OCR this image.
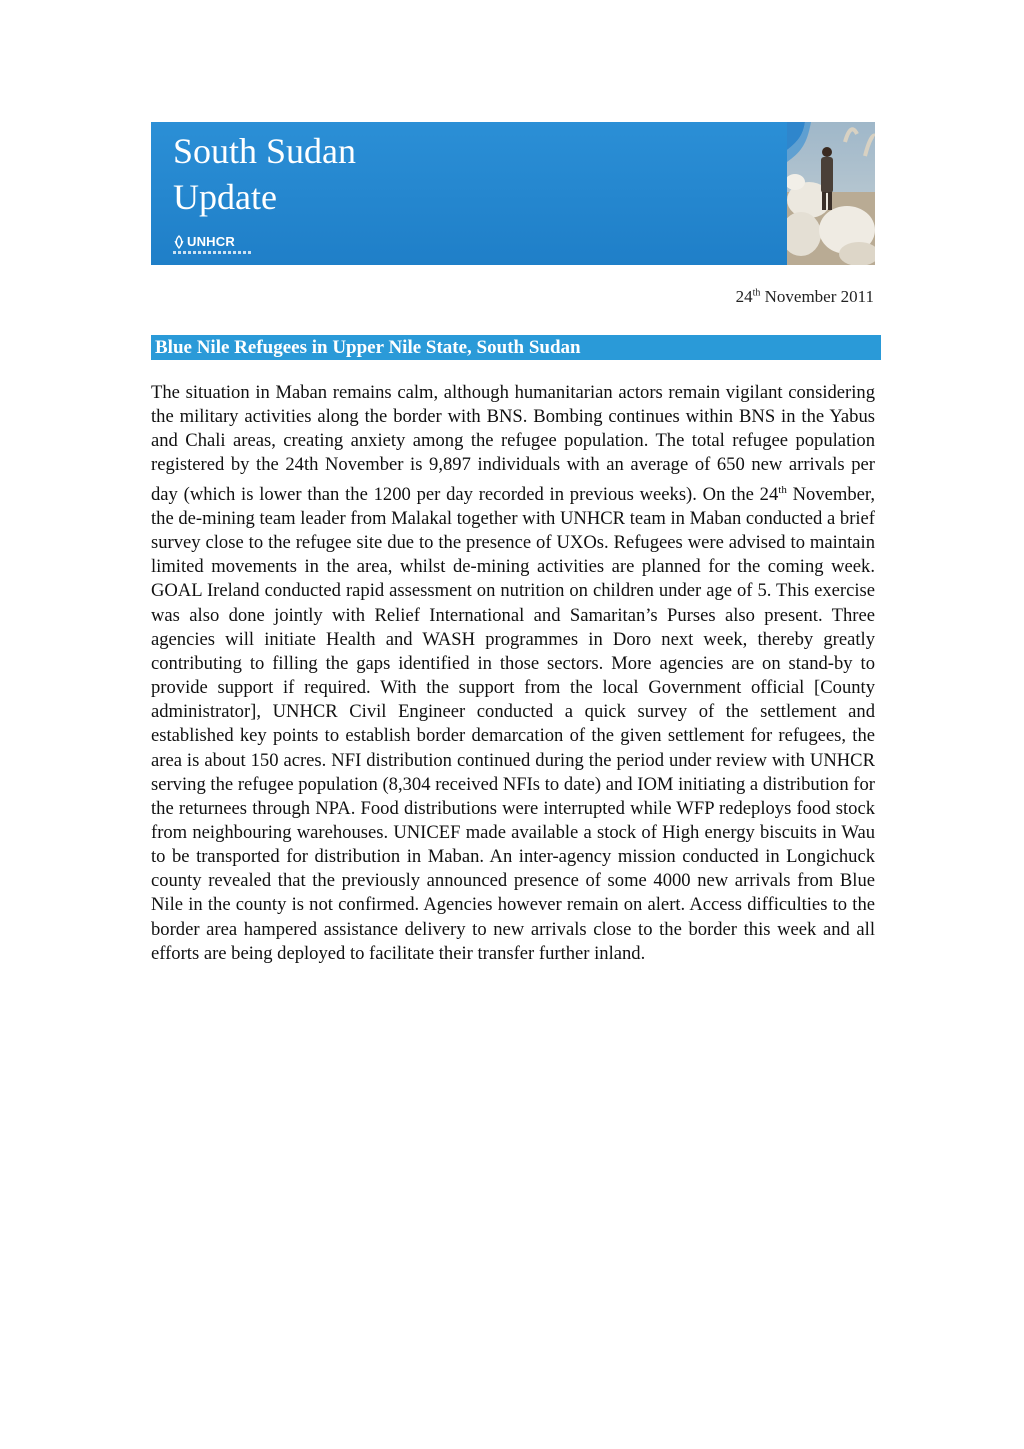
South Sudan
Update
UNHCR
24th November 2011
Blue Nile Refugees in Upper Nile State, South Sudan

The situation in Maban remains calm, although humanitarian actors remain vigilant considering the military activities along the border with BNS. Bombing continues within BNS in the Yabus and Chali areas, creating anxiety among the refugee population. The total refugee population registered by the 24th November is 9,897 individuals with an average of 650 new arrivals per day (which is lower than the 1200 per day recorded in previous weeks). On the 24th November, the de-mining team leader from Malakal together with UNHCR team in Maban conducted a brief survey close to the refugee site due to the presence of UXOs. Refugees were advised to maintain limited movements in the area, whilst de-mining activities are planned for the coming week. GOAL Ireland conducted rapid assessment on nutrition on children under age of 5. This exercise was also done jointly with Relief International and Samaritan’s Purses also present. Three agencies will initiate Health and WASH programmes in Doro next week, thereby greatly contributing to filling the gaps identified in those sectors. More agencies are on stand-by to provide support if required. With the support from the local Government official [County administrator], UNHCR Civil Engineer conducted a quick survey of the settlement and established key points to establish border demarcation of the given settlement for refugees, the area is about 150 acres. NFI distribution continued during the period under review with UNHCR serving the refugee population (8,304 received NFIs to date) and IOM initiating a distribution for the returnees through NPA. Food distributions were interrupted while WFP redeploys food stock from neighbouring warehouses. UNICEF made available a stock of High energy biscuits in Wau to be transported for distribution in Maban. An inter-agency mission conducted in Longichuck county revealed that the previously announced presence of some 4000 new arrivals from Blue Nile in the county is not confirmed. Agencies however remain on alert. Access difficulties to the border area hampered assistance delivery to new arrivals close to the border this week and all efforts are being deployed to facilitate their transfer further inland.
